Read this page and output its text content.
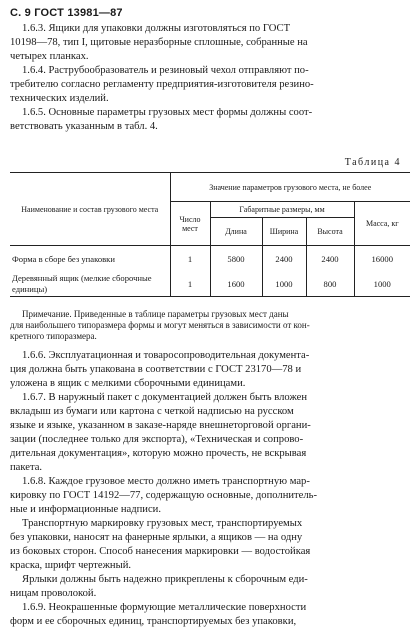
С. 9 ГОСТ 13981—87
1.6.3. Ящики для упаковки должны изготовляться по ГОСТ
10198—78, тип I, щитовые неразборные сплошные, собранные на
четырех планках.
1.6.4. Раструбообразователь и резиновый чехол отправляют по-
требителю согласно регламенту предприятия-изготовителя резино-
технических изделий.
1.6.5. Основные параметры грузовых мест формы должны соот-
ветствовать указанным в табл. 4.
Таблица 4
Наименование и состав грузового места	Значение параметров грузового места, не более				
	Число мест	Габаритные размеры, мм			Масса, кг
		Длина	Ширина	Высота	
Форма в сборе без упаковки	1	5800	2400	2400	16000
Деревянный ящик (мелкие сборочные единицы)	1	1600	1000	800	1000
Примечание. Приведенные в таблице параметры грузовых мест даны
для наибольшего типоразмера формы и могут меняться в зависимости от кон-
кретного типоразмера.
1.6.6. Эксплуатационная и товаросопроводительная документа-
ция должна быть упакована в соответствии с ГОСТ 23170—78 и
уложена в ящик с мелкими сборочными единицами.
1.6.7. В наружный пакет с документацией должен быть вложен
вкладыш из бумаги или картона с четкой надписью на русском
языке и языке, указанном в заказе-наряде внешнеторговой органи-
зации (последнее только для экспорта), «Техническая и сопрово-
дительная документация», которую можно прочесть, не вскрывая
пакета.
1.6.8. Каждое грузовое место должно иметь транспортную мар-
кировку по ГОСТ 14192—77, содержащую основные, дополнитель-
ные и информационные надписи.
Транспортную маркировку грузовых мест, транспортируемых
без упаковки, наносят на фанерные ярлыки, а ящиков — на одну
из боковых сторон. Способ нанесения маркировки — водостойкая
краска, шрифт чертежный.
Ярлыки должны быть надежно прикреплены к сборочным еди-
ницам проволокой.
1.6.9. Неокрашенные формующие металлические поверхности
форм и ее сборочных единиц, транспортируемых без упаковки,
